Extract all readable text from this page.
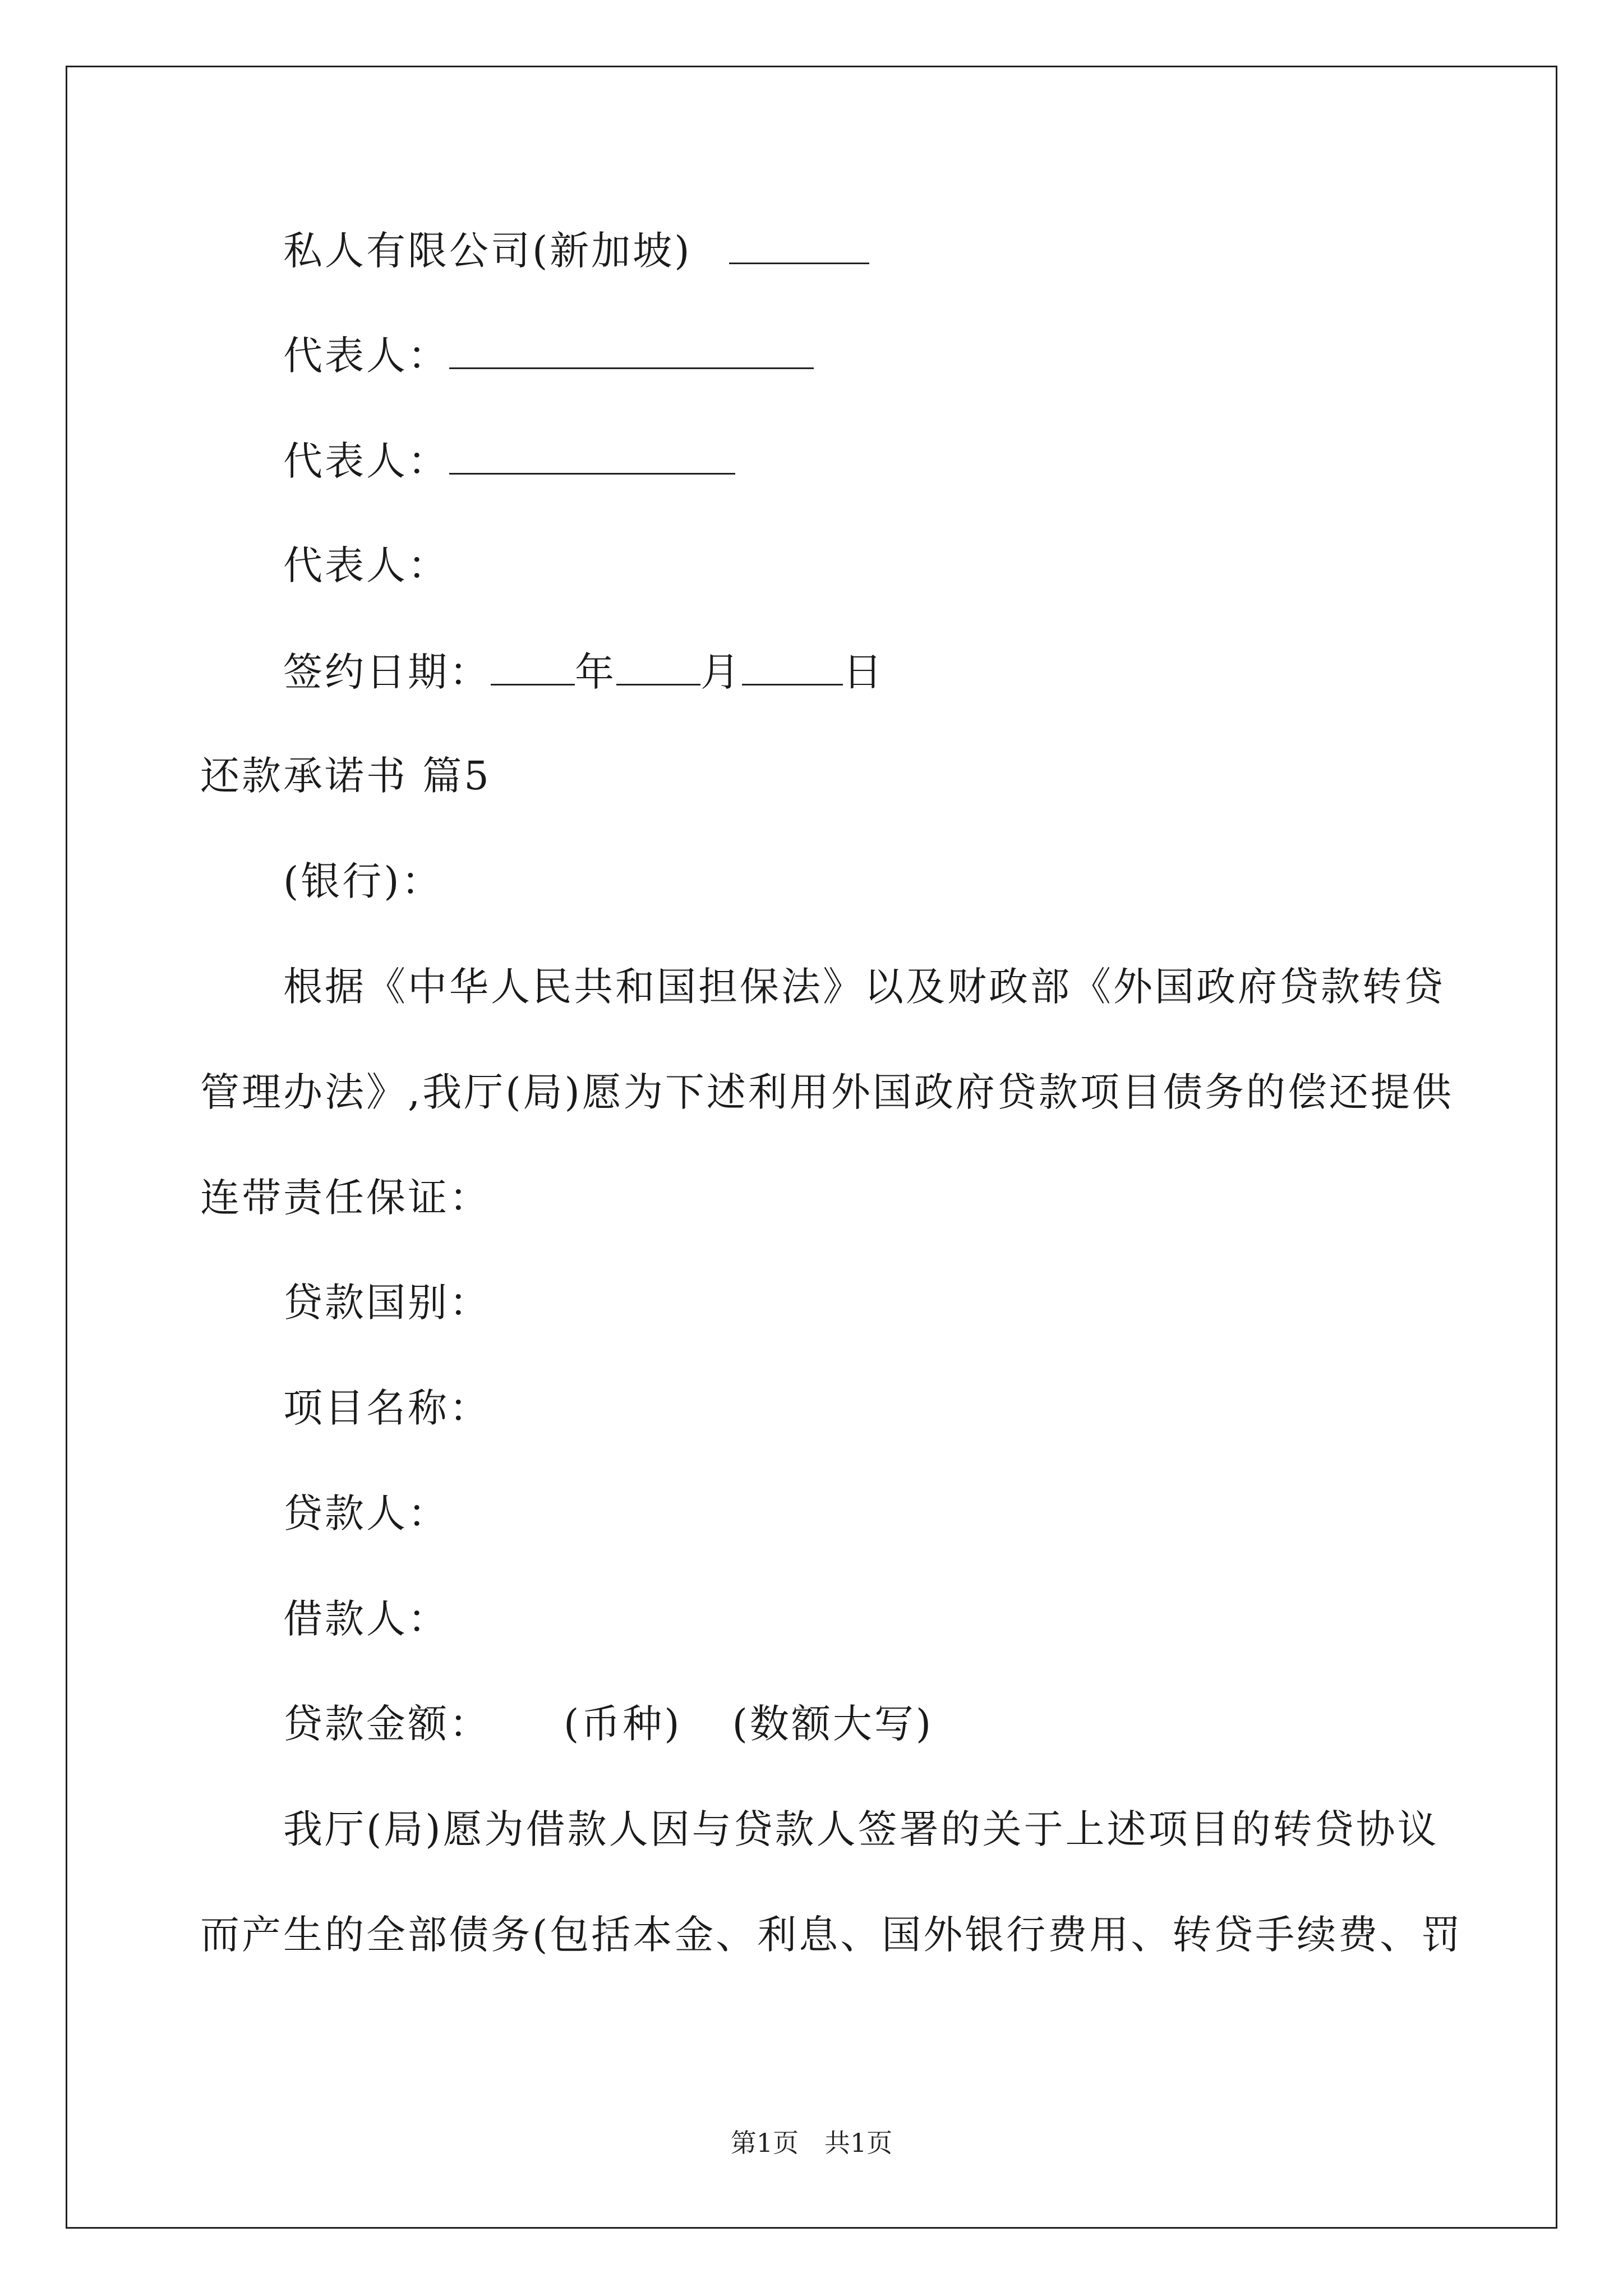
私人有限公司(新加坡)
代表人：
代表人：
代表人：
签约日期： 年 月	日
还款承诺书 篇5
(银行)：
根据《中华人民共和国担保法》以及财政部《外国政府贷款转贷
管理办法》,我厅(局)愿为下述利用外国政府贷款项目债务的偿还提供
连带责任保证：
贷款国别：
项目名称：
贷款人：
借款人：
贷款金额： (币种) (数额大写)
我厅(局)愿为借款人因与贷款人签署的关于上述项目的转贷协议
而产生的全部债务(包括本金、利息、国外银行费用、转贷手续费、罚
第1页　共1页
